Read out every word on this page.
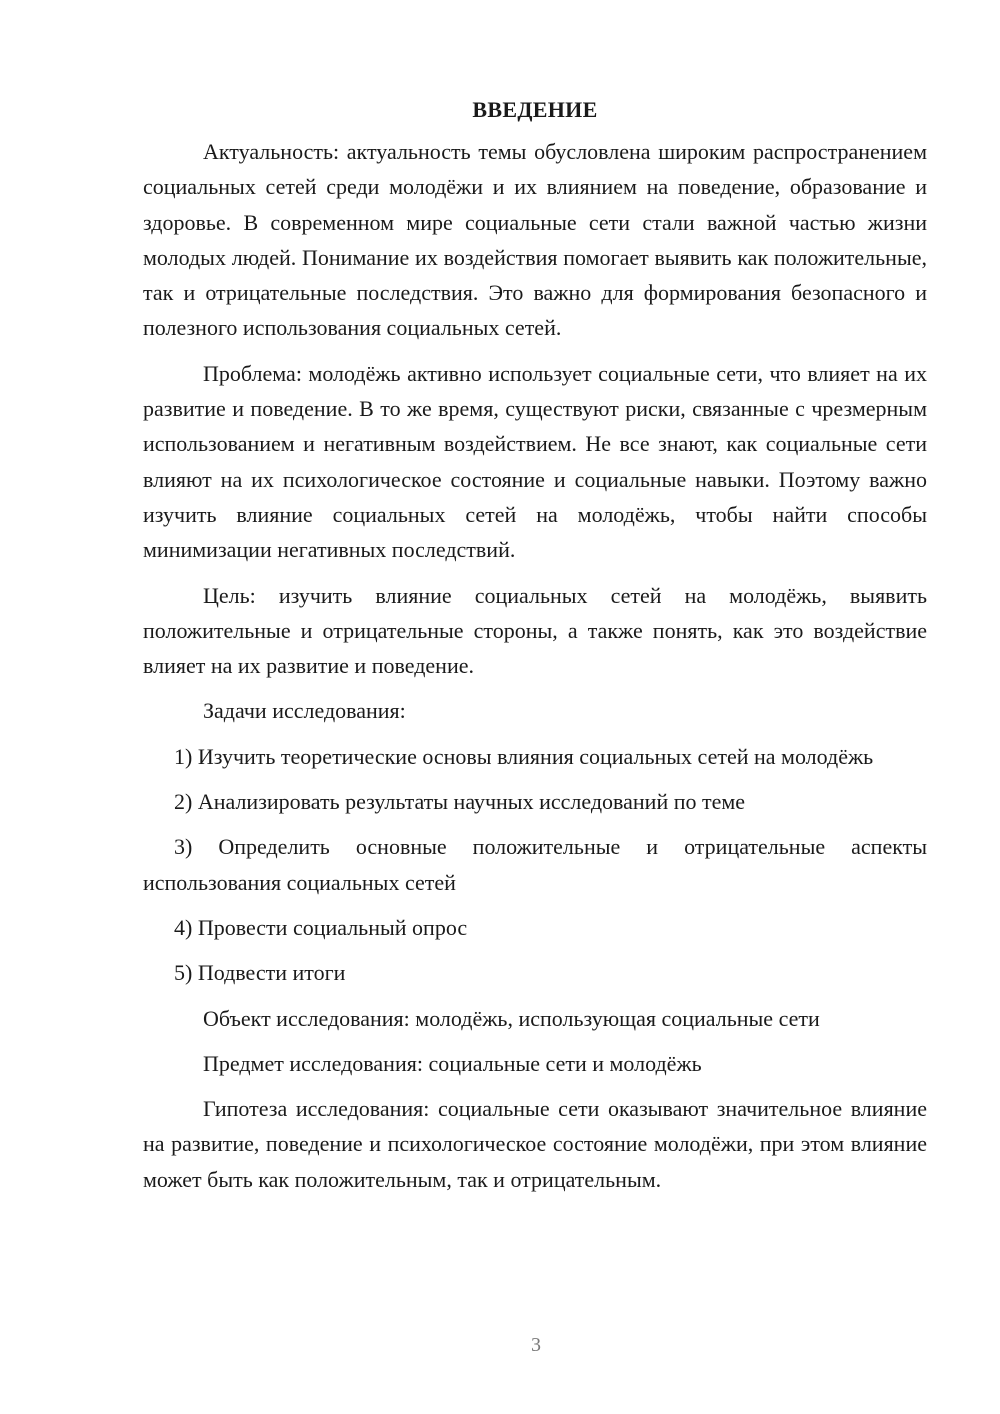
ВВЕДЕНИЕ

Актуальность: актуальность темы обусловлена широким распространением социальных сетей среди молодёжи и их влиянием на поведение, образование и здоровье. В современном мире социальные сети стали важной частью жизни молодых людей. Понимание их воздействия помогает выявить как положительные, так и отрицательные последствия. Это важно для формирования безопасного и полезного использования социальных сетей.

Проблема: молодёжь активно использует социальные сети, что влияет на их развитие и поведение. В то же время, существуют риски, связанные с чрезмерным использованием и негативным воздействием. Не все знают, как социальные сети влияют на их психологическое состояние и социальные навыки. Поэтому важно изучить влияние социальных сетей на молодёжь, чтобы найти способы минимизации негативных последствий.

Цель: изучить влияние социальных сетей на молодёжь, выявить положительные и отрицательные стороны, а также понять, как это воздействие влияет на их развитие и поведение.

Задачи исследования:

1) Изучить теоретические основы влияния социальных сетей на молодёжь

2) Анализировать результаты научных исследований по теме

3) Определить основные положительные и отрицательные аспекты использования социальных сетей

4) Провести социальный опрос

5) Подвести итоги

Объект исследования: молодёжь, использующая социальные сети

Предмет исследования: социальные сети и молодёжь

Гипотеза исследования: социальные сети оказывают значительное влияние на развитие, поведение и психологическое состояние молодёжи, при этом влияние может быть как положительным, так и отрицательным.

3
